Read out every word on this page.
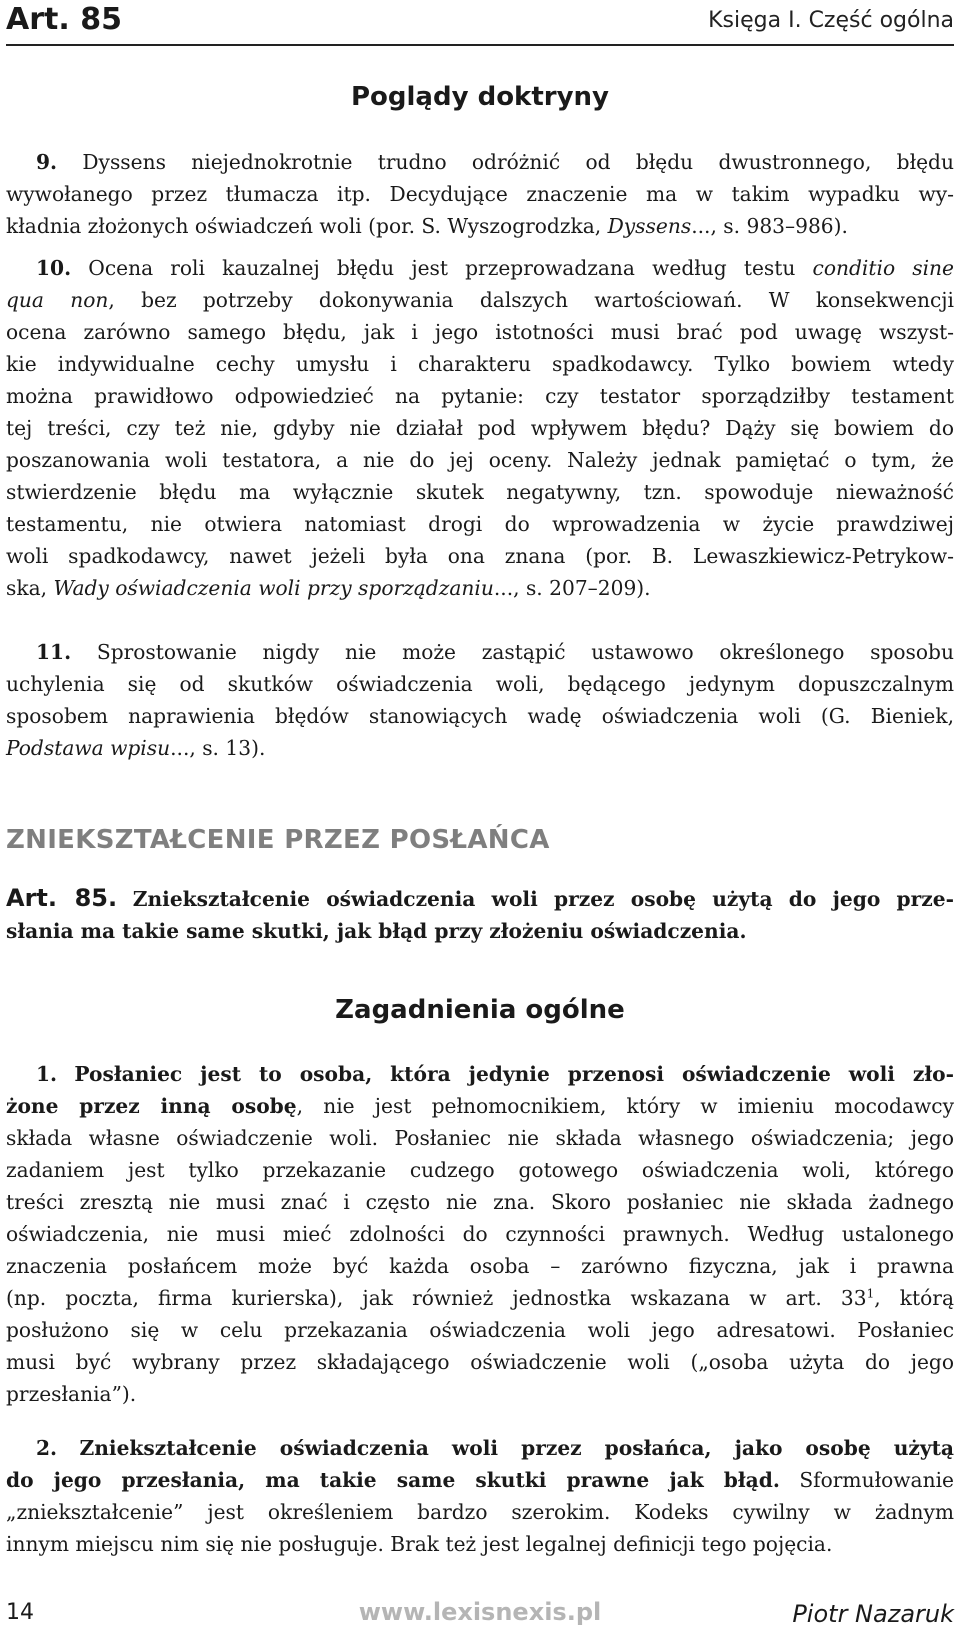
Art. 85	Księga I. Część ogólna
Poglądy doktryny
9. Dyssens niejednokrotnie trudno odróżnić od błędu dwustronnego, błędu
wywołanego przez tłumacza itp. Decydujące znaczenie ma w takim wypadku wy-
kładnia złożonych oświadczeń woli (por. S. Wyszogrodzka, Dyssens..., s. 983–986).
10. Ocena roli kauzalnej błędu jest przeprowadzana według testu conditio sine
qua non, bez potrzeby dokonywania dalszych wartościowań. W konsekwencji
ocena zarówno samego błędu, jak i jego istotności musi brać pod uwagę wszyst-
kie indywidualne cechy umysłu i charakteru spadkodawcy. Tylko bowiem wtedy
można prawidłowo odpowiedzieć na pytanie: czy testator sporządziłby testament
tej treści, czy też nie, gdyby nie działał pod wpływem błędu? Dąży się bowiem do
poszanowania woli testatora, a nie do jej oceny. Należy jednak pamiętać o tym, że
stwierdzenie błędu ma wyłącznie skutek negatywny, tzn. spowoduje nieważność
testamentu, nie otwiera natomiast drogi do wprowadzenia w życie prawdziwej
woli spadkodawcy, nawet jeżeli była ona znana (por. B. Lewaszkiewicz-Petrykow-
ska, Wady oświadczenia woli przy sporządzaniu..., s. 207–209).
11. Sprostowanie nigdy nie może zastąpić ustawowo określonego sposobu
uchylenia się od skutków oświadczenia woli, będącego jedynym dopuszczalnym
sposobem naprawienia błędów stanowiących wadę oświadczenia woli (G. Bieniek,
Podstawa wpisu..., s. 13).
ZNIEKSZTAŁCENIE PRZEZ POSŁAŃCA
Art. 85. Zniekształcenie oświadczenia woli przez osobę użytą do jego prze-
słania ma takie same skutki, jak błąd przy złożeniu oświadczenia.
Zagadnienia ogólne
1. Posłaniec jest to osoba, która jedynie przenosi oświadczenie woli zło-
żone przez inną osobę, nie jest pełnomocnikiem, który w imieniu mocodawcy
składa własne oświadczenie woli. Posłaniec nie składa własnego oświadczenia; jego
zadaniem jest tylko przekazanie cudzego gotowego oświadczenia woli, którego
treści zresztą nie musi znać i często nie zna. Skoro posłaniec nie składa żadnego
oświadczenia, nie musi mieć zdolności do czynności prawnych. Według ustalonego
znaczenia posłańcem może być każda osoba – zarówno fizyczna, jak i prawna
(np. poczta, firma kurierska), jak również jednostka wskazana w art. $33^1$, którą
posłużono się w celu przekazania oświadczenia woli jego adresatowi. Posłaniec
musi być wybrany przez składającego oświadczenie woli („osoba użyta do jego
przesłania”).
2. Zniekształcenie oświadczenia woli przez posłańca, jako osobę użytą
do jego przesłania, ma takie same skutki prawne jak błąd. Sformułowanie
„zniekształcenie” jest określeniem bardzo szerokim. Kodeks cywilny w żadnym
innym miejscu nim się nie posługuje. Brak też jest legalnej definicji tego pojęcia.
14	www.lexisnexis.pl	Piotr Nazaruk
